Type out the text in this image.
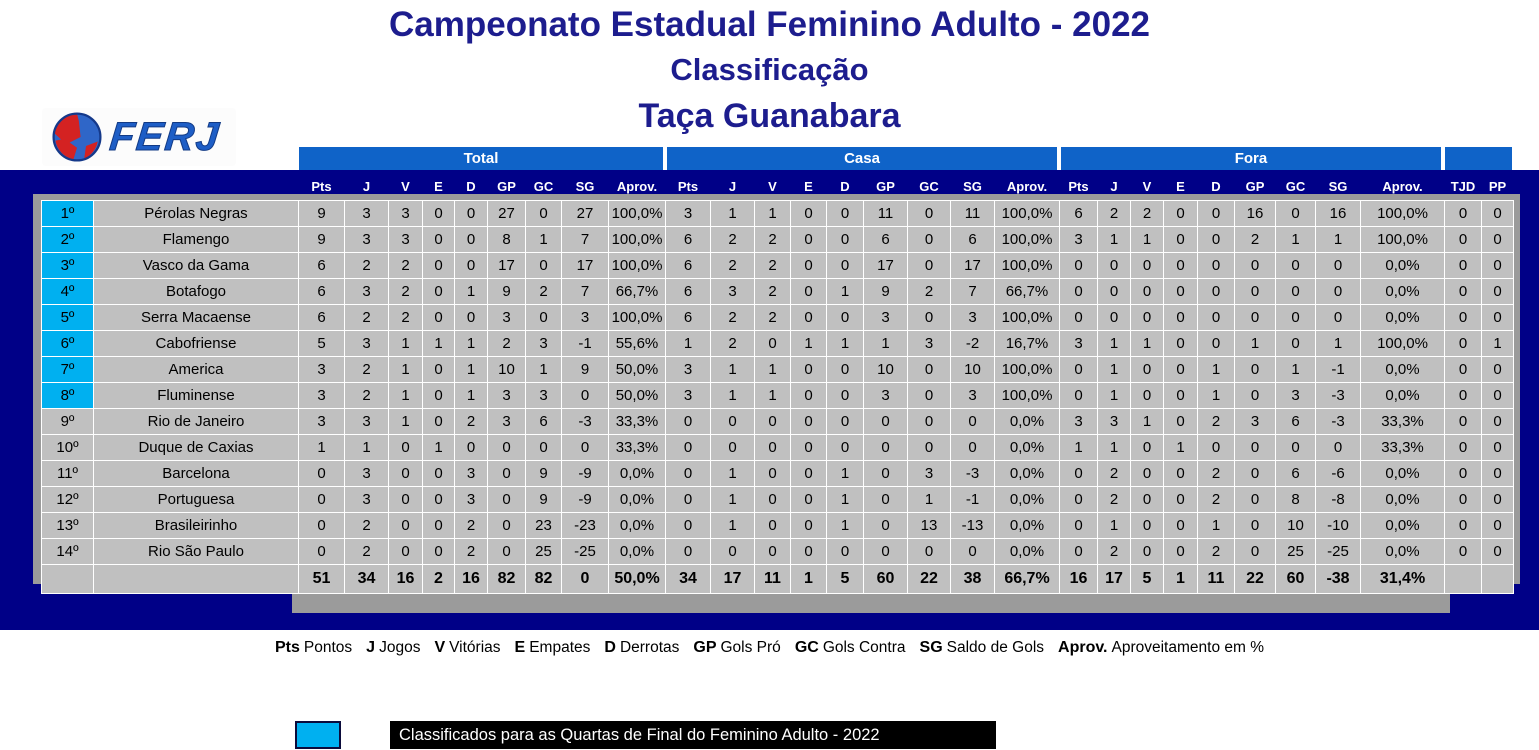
Campeonato Estadual Feminino Adulto - 2022
Classificação
Taça Guanabara
FERJ	Total	Casa	Fora
		Pts	J	V	E	D	GP	GC	SG	Aprov.	Pts	J	V	E	D	GP	GC	SG	Aprov.	Pts	J	V	E	D	GP	GC	SG	Aprov.	TJD	PP
1º	Pérolas Negras	9	3	3	0	0	27	0	27	100,0%	3	1	1	0	0	11	0	11	100,0%	6	2	2	0	0	16	0	16	100,0%	0	0
2º	Flamengo	9	3	3	0	0	8	1	7	100,0%	6	2	2	0	0	6	0	6	100,0%	3	1	1	0	0	2	1	1	100,0%	0	0
3º	Vasco da Gama	6	2	2	0	0	17	0	17	100,0%	6	2	2	0	0	17	0	17	100,0%	0	0	0	0	0	0	0	0	0,0%	0	0
4º	Botafogo	6	3	2	0	1	9	2	7	66,7%	6	3	2	0	1	9	2	7	66,7%	0	0	0	0	0	0	0	0	0,0%	0	0
5º	Serra Macaense	6	2	2	0	0	3	0	3	100,0%	6	2	2	0	0	3	0	3	100,0%	0	0	0	0	0	0	0	0	0,0%	0	0
6º	Cabofriense	5	3	1	1	1	2	3	-1	55,6%	1	2	0	1	1	1	3	-2	16,7%	3	1	1	0	0	1	0	1	100,0%	0	1
7º	America	3	2	1	0	1	10	1	9	50,0%	3	1	1	0	0	10	0	10	100,0%	0	1	0	0	1	0	1	-1	0,0%	0	0
8º	Fluminense	3	2	1	0	1	3	3	0	50,0%	3	1	1	0	0	3	0	3	100,0%	0	1	0	0	1	0	3	-3	0,0%	0	0
9º	Rio de Janeiro	3	3	1	0	2	3	6	-3	33,3%	0	0	0	0	0	0	0	0	0,0%	3	3	1	0	2	3	6	-3	33,3%	0	0
10º	Duque de Caxias	1	1	0	1	0	0	0	0	33,3%	0	0	0	0	0	0	0	0	0,0%	1	1	0	1	0	0	0	0	33,3%	0	0
11º	Barcelona	0	3	0	0	3	0	9	-9	0,0%	0	1	0	0	1	0	3	-3	0,0%	0	2	0	0	2	0	6	-6	0,0%	0	0
12º	Portuguesa	0	3	0	0	3	0	9	-9	0,0%	0	1	0	0	1	0	1	-1	0,0%	0	2	0	0	2	0	8	-8	0,0%	0	0
13º	Brasileirinho	0	2	0	0	2	0	23	-23	0,0%	0	1	0	0	1	0	13	-13	0,0%	0	1	0	0	1	0	10	-10	0,0%	0	0
14º	Rio São Paulo	0	2	0	0	2	0	25	-25	0,0%	0	0	0	0	0	0	0	0	0,0%	0	2	0	0	2	0	25	-25	0,0%	0	0
		51	34	16	2	16	82	82	0	50,0%	34	17	11	1	5	60	22	38	66,7%	16	17	5	1	11	22	60	-38	31,4%		
Pts Pontos J Jogos V Vitórias E Empates D Derrotas GP Gols Pró GC Gols Contra SG Saldo de Gols Aprov. Aproveitamento em %
Classificados para as Quartas de Final do Feminino Adulto - 2022
